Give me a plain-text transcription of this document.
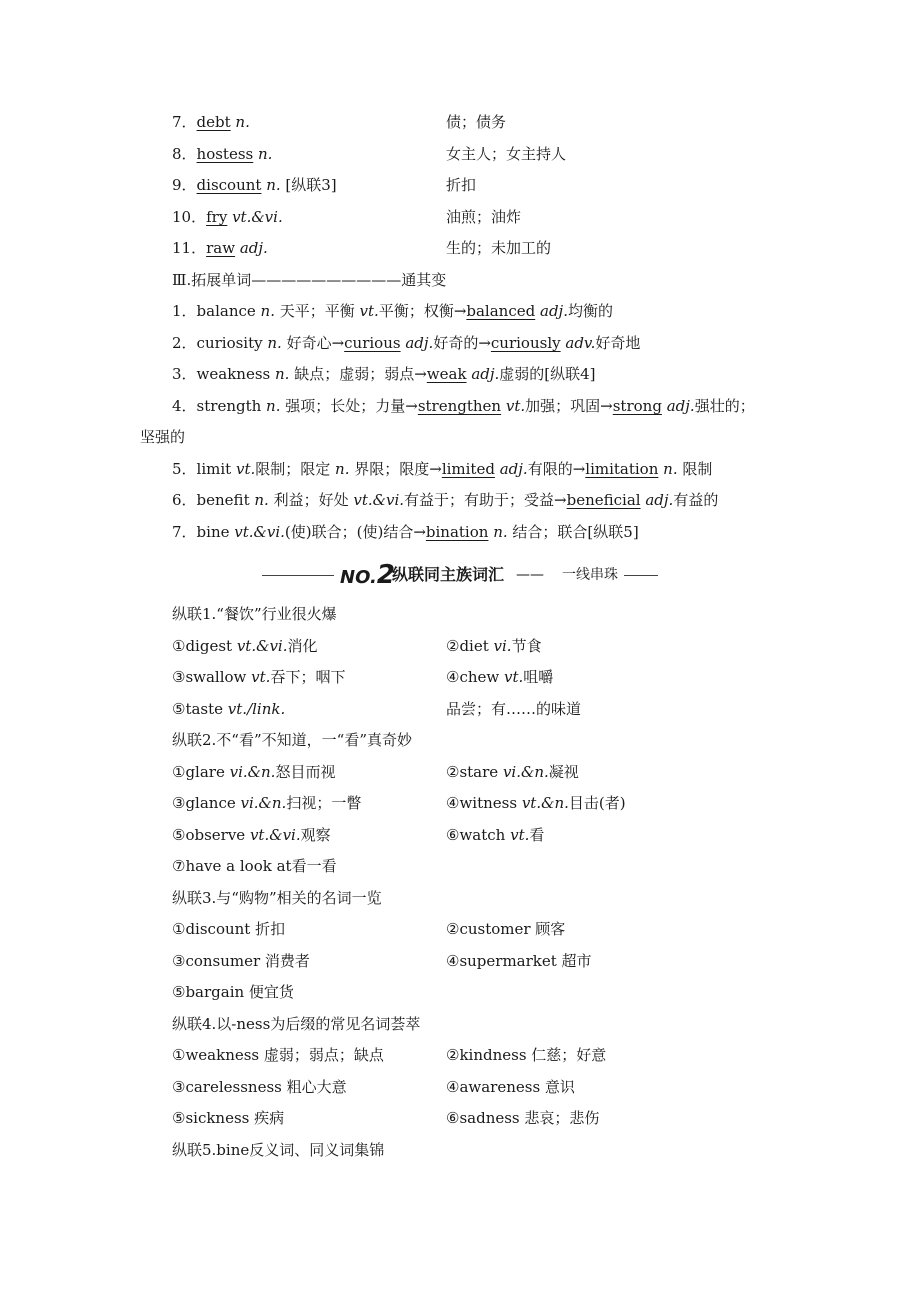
7．debt n.	债；债务
8．hostess n.	女主人；女主持人
9．discount n. [纵联3]	折扣
10．fry vt.&vi.	油煎；油炸
11．raw adj.	生的；未加工的
Ⅲ.拓展单词——————————通其变
1．balance n. 天平；平衡 vt.平衡；权衡→balanced adj.均衡的
2．curiosity n. 好奇心→curious adj.好奇的→curiously adv.好奇地
3．weakness n. 缺点；虚弱；弱点→weak adj.虚弱的[纵联4]
4．strength n. 强项；长处；力量→strengthen vt.加强；巩固→strong adj.强壮的；
坚强的
5．limit vt.限制；限定 n. 界限；限度→limited adj.有限的→limitation n. 限制
6．benefit n. 利益；好处 vt.&vi.有益于；有助于；受益→beneficial adj.有益的
7．bine vt.&vi.(使)联合；(使)结合→bination n. 结合；联合[纵联5]
NO.2
纵联同主族词汇 —— 一线串珠
纵联1.“餐饮”行业很火爆
①digest vt.&vi.消化	②diet vi.节食
③swallow vt.吞下；咽下	④chew vt.咀嚼
⑤taste vt./link.	品尝；有……的味道
纵联2.不“看”不知道，一“看”真奇妙
①glare vi.&n.怒目而视	②stare vi.&n.凝视
③glance vi.&n.扫视；一瞥	④witness vt.&n.目击(者)
⑤observe vt.&vi.观察	⑥watch vt.看
⑦have a look at看一看
纵联3.与“购物”相关的名词一览
①discount 折扣	②customer 顾客
③consumer 消费者	④supermarket 超市
⑤bargain 便宜货
纵联4.以-ness为后缀的常见名词荟萃
①weakness 虚弱；弱点；缺点	②kindness 仁慈；好意
③carelessness 粗心大意	④awareness 意识
⑤sickness 疾病	⑥sadness 悲哀；悲伤
纵联5.bine反义词、同义词集锦
